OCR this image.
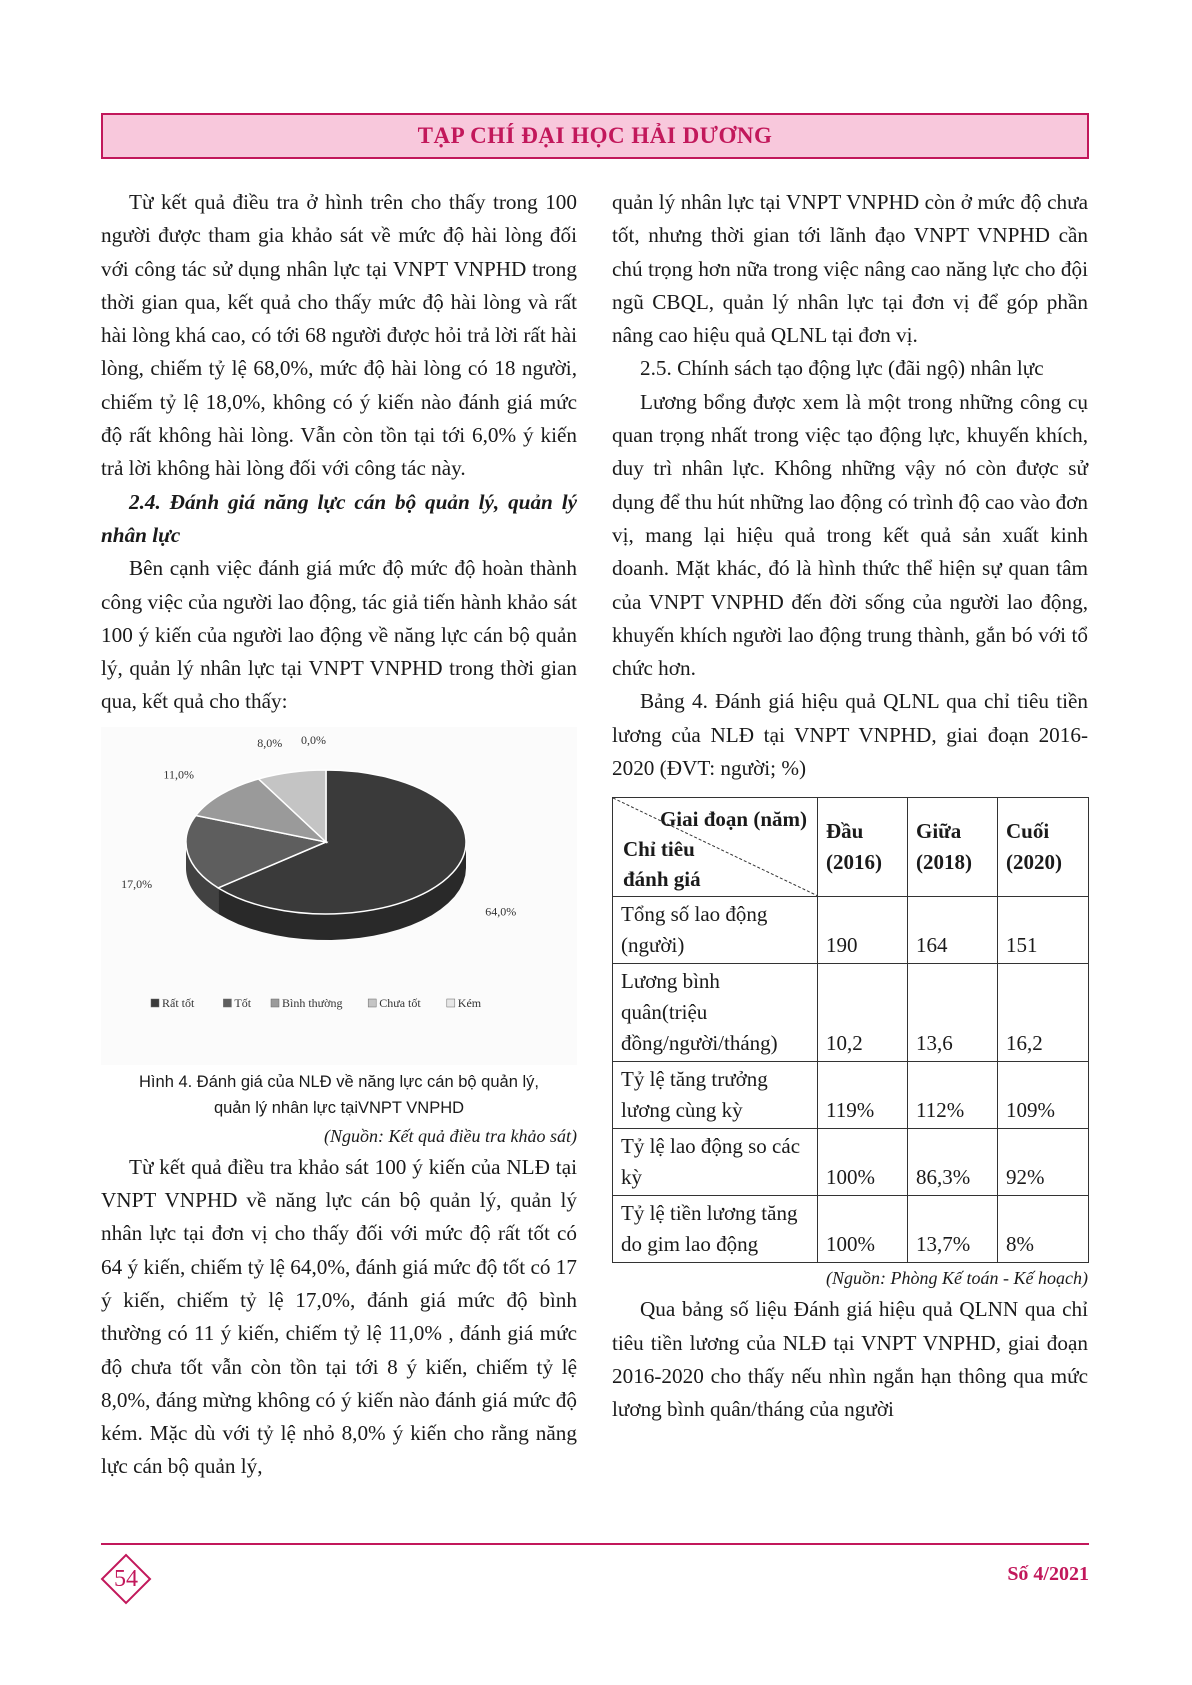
TẠP CHÍ ĐẠI HỌC HẢI DƯƠNG

Từ kết quả điều tra ở hình trên cho thấy trong 100 người được tham gia khảo sát về mức độ hài lòng đối với công tác sử dụng nhân lực tại VNPT VNPHD trong thời gian qua, kết quả cho thấy mức độ hài lòng và rất hài lòng khá cao, có tới 68 người được hỏi trả lời rất hài lòng, chiếm tỷ lệ 68,0%, mức độ hài lòng có 18 người, chiếm tỷ lệ 18,0%, không có ý kiến nào đánh giá mức độ rất không hài lòng. Vẫn còn tồn tại tới 6,0% ý kiến trả lời không hài lòng đối với công tác này.

2.4. Đánh giá năng lực cán bộ quản lý, quản lý nhân lực

Bên cạnh việc đánh giá mức độ mức độ hoàn thành công việc của người lao động, tác giả tiến hành khảo sát 100 ý kiến của người lao động về năng lực cán bộ quản lý, quản lý nhân lực tại VNPT VNPHD trong thời gian qua, kết quả cho thấy:

64,0%
17,0%
11,0%
8,0% 0,0%
Rất tốt	Tốt	Bình thường	Chưa tốt	Kém
Hình 4. Đánh giá của NLĐ về năng lực cán bộ quản lý,
quản lý nhân lực tạiVNPT VNPHD
(Nguồn: Kết quả điều tra khảo sát)

Từ kết quả điều tra khảo sát 100 ý kiến của NLĐ tại VNPT VNPHD về năng lực cán bộ quản lý, quản lý nhân lực tại đơn vị cho thấy đối với mức độ rất tốt có 64 ý kiến, chiếm tỷ lệ 64,0%, đánh giá mức độ tốt có 17 ý kiến, chiếm tỷ lệ 17,0%, đánh giá mức độ bình thường có 11 ý kiến, chiếm tỷ lệ 11,0% , đánh giá mức độ chưa tốt vẫn còn tồn tại tới 8 ý kiến, chiếm tỷ lệ 8,0%, đáng mừng không có ý kiến nào đánh giá mức độ kém. Mặc dù với tỷ lệ nhỏ 8,0% ý kiến cho rằng năng lực cán bộ quản lý,

quản lý nhân lực tại VNPT VNPHD còn ở mức độ chưa tốt, nhưng thời gian tới lãnh đạo VNPT VNPHD cần chú trọng hơn nữa trong việc nâng cao năng lực cho đội ngũ CBQL, quản lý nhân lực tại đơn vị để góp phần nâng cao hiệu quả QLNL tại đơn vị.

2.5. Chính sách tạo động lực (đãi ngộ) nhân lực

Lương bổng được xem là một trong những công cụ quan trọng nhất trong việc tạo động lực, khuyến khích, duy trì nhân lực. Không những vậy nó còn được sử dụng để thu hút những lao động có trình độ cao vào đơn vị, mang lại hiệu quả trong kết quả sản xuất kinh doanh. Mặt khác, đó là hình thức thể hiện sự quan tâm của VNPT VNPHD đến đời sống của người lao động, khuyến khích người lao động trung thành, gắn bó với tổ chức hơn.

Bảng 4. Đánh giá hiệu quả QLNL qua chỉ tiêu tiền lương của NLĐ tại VNPT VNPHD, giai đoạn 2016-2020 (ĐVT: người; %)

Giai đoạn (năm)
Chỉ tiêu đánh giá	Đầu (2016)	Giữa (2018)	Cuối (2020)
Tổng số lao động (người)	190	164	151
Lương bình quân(triệu đồng/người/tháng)	10,2	13,6	16,2
Tỷ lệ tăng trưởng lương cùng kỳ	119%	112%	109%
Tỷ lệ lao động so các kỳ	100%	86,3%	92%
Tỷ lệ tiền lương tăng do gim lao động	100%	13,7%	8%
(Nguồn: Phòng Kế toán - Kế hoạch)

Qua bảng số liệu Đánh giá hiệu quả QLNN qua chỉ tiêu tiền lương của NLĐ tại VNPT VNPHD, giai đoạn 2016-2020 cho thấy nếu nhìn ngắn hạn thông qua mức lương bình quân/tháng của người

54	Số 4/2021
